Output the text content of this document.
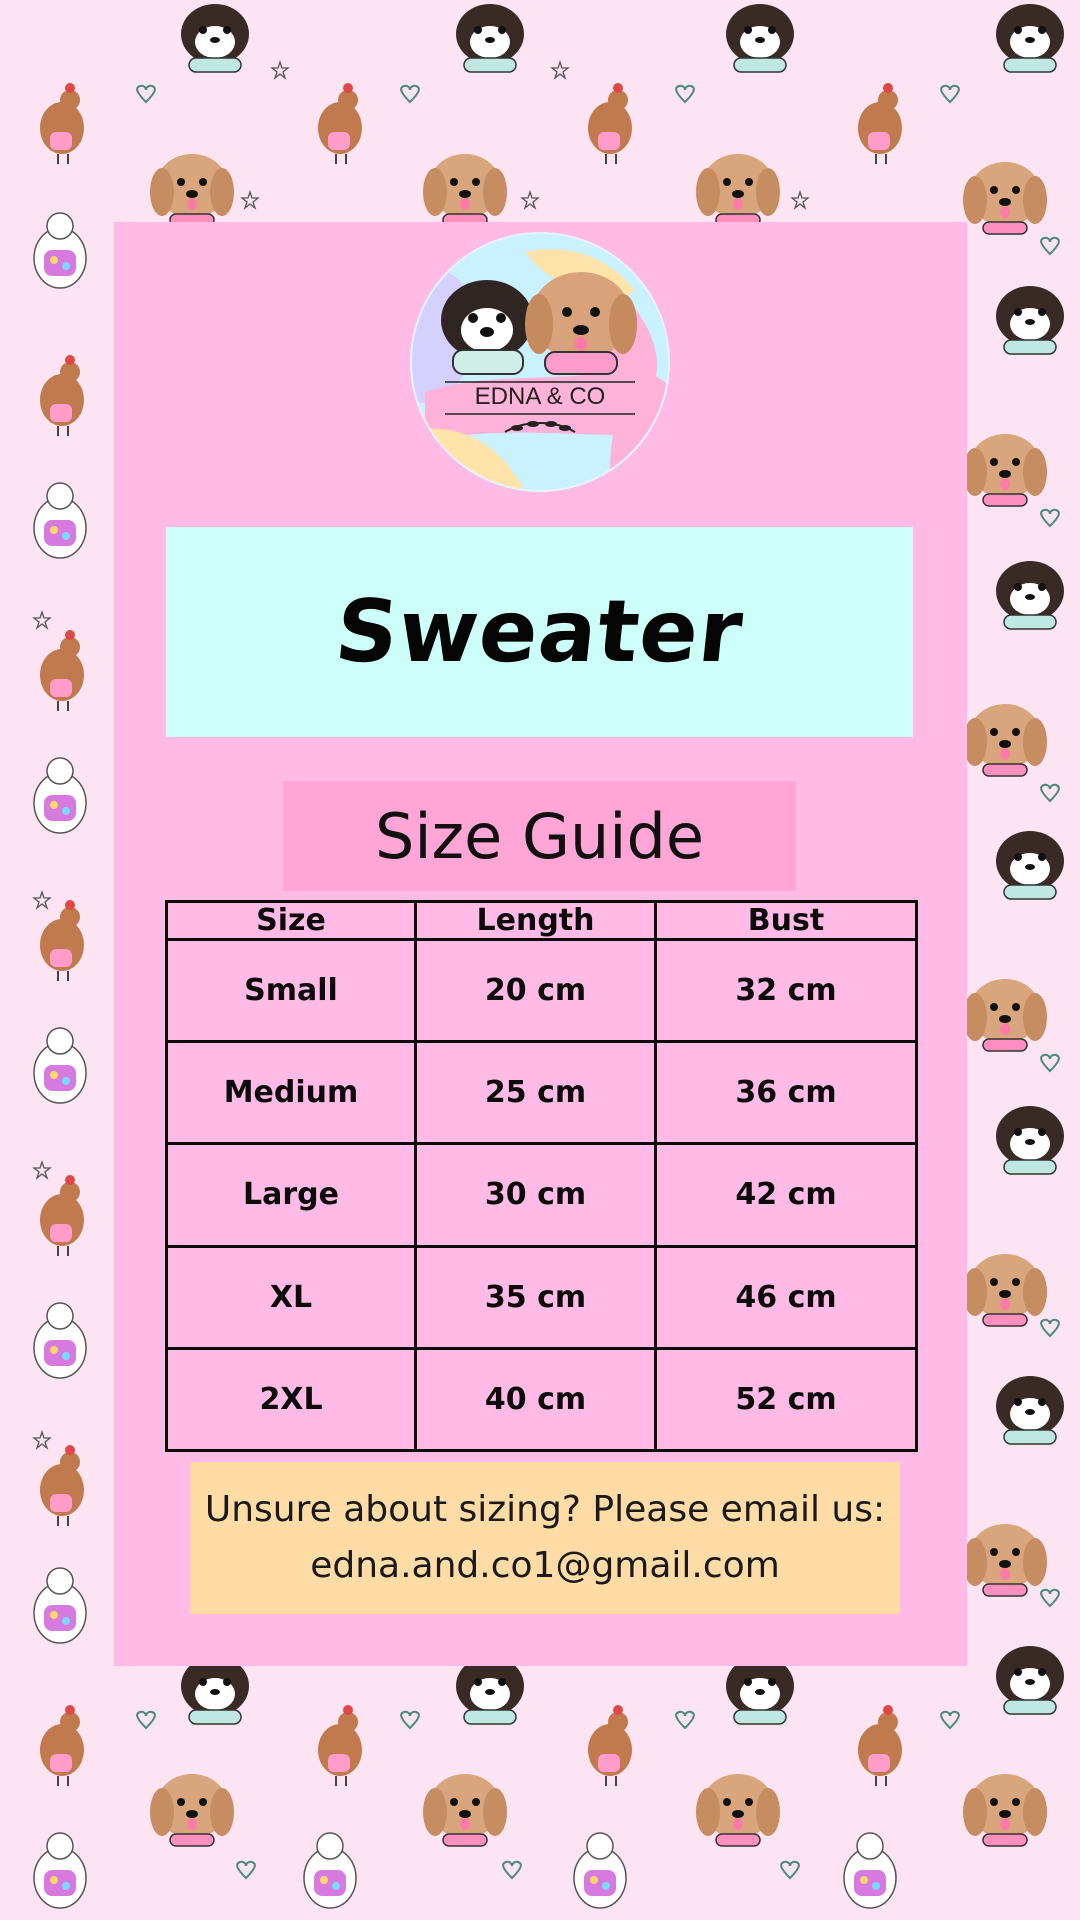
EDNA & CO
Sweater
Size Guide
Size	Length	Bust
Small	20 cm	32 cm
Medium	25 cm	36 cm
Large	30 cm	42 cm
XL	35 cm	46 cm
2XL	40 cm	52 cm
Unsure about sizing? Please email us:
edna.and.co1@gmail.com
